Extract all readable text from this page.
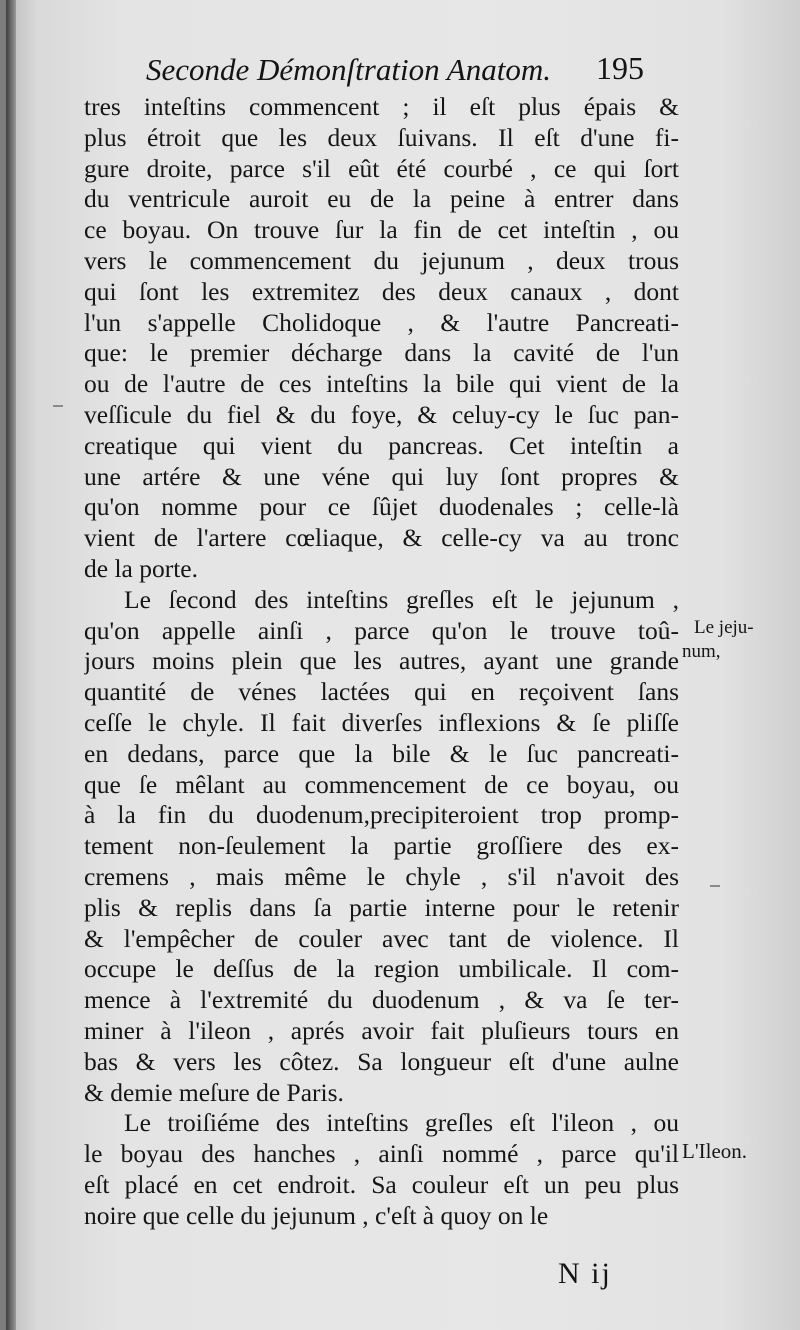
Seconde Démonſtration Anatom. 195
tres inteſtins commencent ; il eſt plus épais &
plus étroit que les deux ſuivans. Il eſt d'une fi-
gure droite, parce s'il eût été courbé , ce qui ſort
du ventricule auroit eu de la peine à entrer dans
ce boyau. On trouve ſur la fin de cet inteſtin , ou
vers le commencement du jejunum , deux trous
qui ſont les extremitez des deux canaux , dont
l'un s'appelle Cholidoque , & l'autre Pancreati-
que: le premier décharge dans la cavité de l'un
ou de l'autre de ces inteſtins la bile qui vient de la
veſſicule du fiel & du foye, & celuy-cy le ſuc pan-
creatique qui vient du pancreas. Cet inteſtin a
une artére & une véne qui luy ſont propres &
qu'on nomme pour ce ſûjet duodenales ; celle-là
vient de l'artere cœliaque, & celle-cy va au tronc
de la porte.
Le ſecond des inteſtins greſles eſt le jejunum ,
qu'on appelle ainſi , parce qu'on le trouve toû-
jours moins plein que les autres, ayant une grande
quantité de vénes lactées qui en reçoivent ſans
ceſſe le chyle. Il fait diverſes inflexions & ſe pliſſe
en dedans, parce que la bile & le ſuc pancreati-
que ſe mêlant au commencement de ce boyau, ou
à la fin du duodenum,precipiteroient trop promp-
tement non-ſeulement la partie groſſiere des ex-
cremens , mais même le chyle , s'il n'avoit des
plis & replis dans ſa partie interne pour le retenir
& l'empêcher de couler avec tant de violence. Il
occupe le deſſus de la region umbilicale. Il com-
mence à l'extremité du duodenum , & va ſe ter-
miner à l'ileon , aprés avoir fait pluſieurs tours en
bas & vers les côtez. Sa longueur eſt d'une aulne
& demie meſure de Paris.
Le troiſiéme des inteſtins greſles eſt l'ileon , ou
le boyau des hanches , ainſi nommé , parce qu'il
eſt placé en cet endroit. Sa couleur eſt un peu plus
noire que celle du jejunum , c'eſt à quoy on le
Le jeju-
num,
L'Ileon.
N ij
